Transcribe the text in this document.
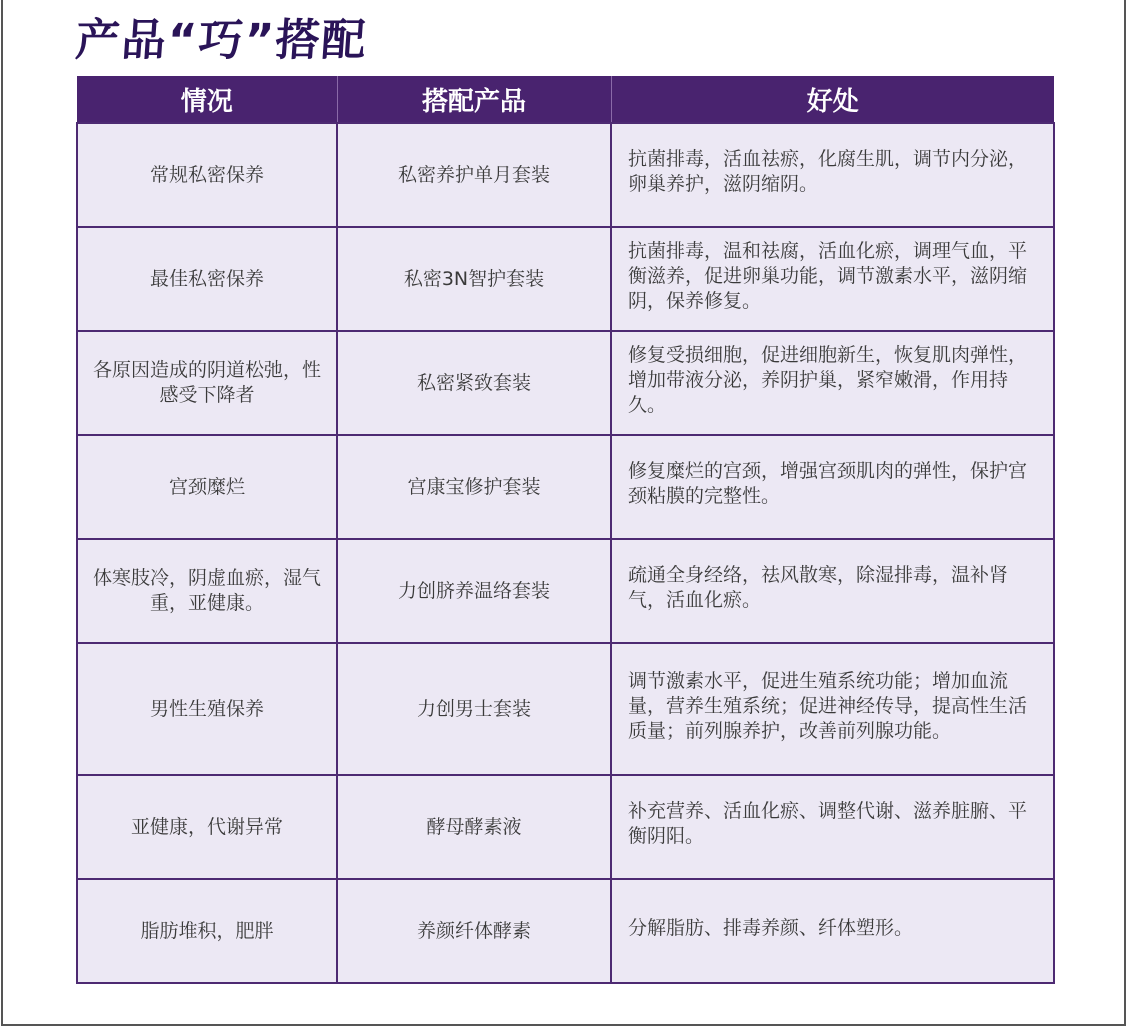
产品“巧”搭配
情况	搭配产品	好处
常规私密保养	私密养护单月套装	抗菌排毒，活血祛瘀，化腐生肌，调节内分泌，卵巢养护，滋阴缩阴。
最佳私密保养	私密3N智护套装	抗菌排毒，温和祛腐，活血化瘀，调理气血，平衡滋养，促进卵巢功能，调节激素水平，滋阴缩阴，保养修复。
各原因造成的阴道松弛，性感受下降者	私密紧致套装	修复受损细胞，促进细胞新生，恢复肌肉弹性，增加带液分泌，养阴护巢，紧窄嫩滑，作用持久。
宫颈糜烂	宫康宝修护套装	修复糜烂的宫颈，增强宫颈肌肉的弹性，保护宫颈粘膜的完整性。
体寒肢冷，阴虚血瘀，湿气重，亚健康。	力创脐养温络套装	疏通全身经络，祛风散寒，除湿排毒，温补肾气，活血化瘀。
男性生殖保养	力创男士套装	调节激素水平，促进生殖系统功能；增加血流量，营养生殖系统；促进神经传导，提高性生活质量；前列腺养护，改善前列腺功能。
亚健康，代谢异常	酵母酵素液	补充营养、活血化瘀、调整代谢、滋养脏腑、平衡阴阳。
脂肪堆积，肥胖	养颜纤体酵素	分解脂肪、排毒养颜、纤体塑形。
